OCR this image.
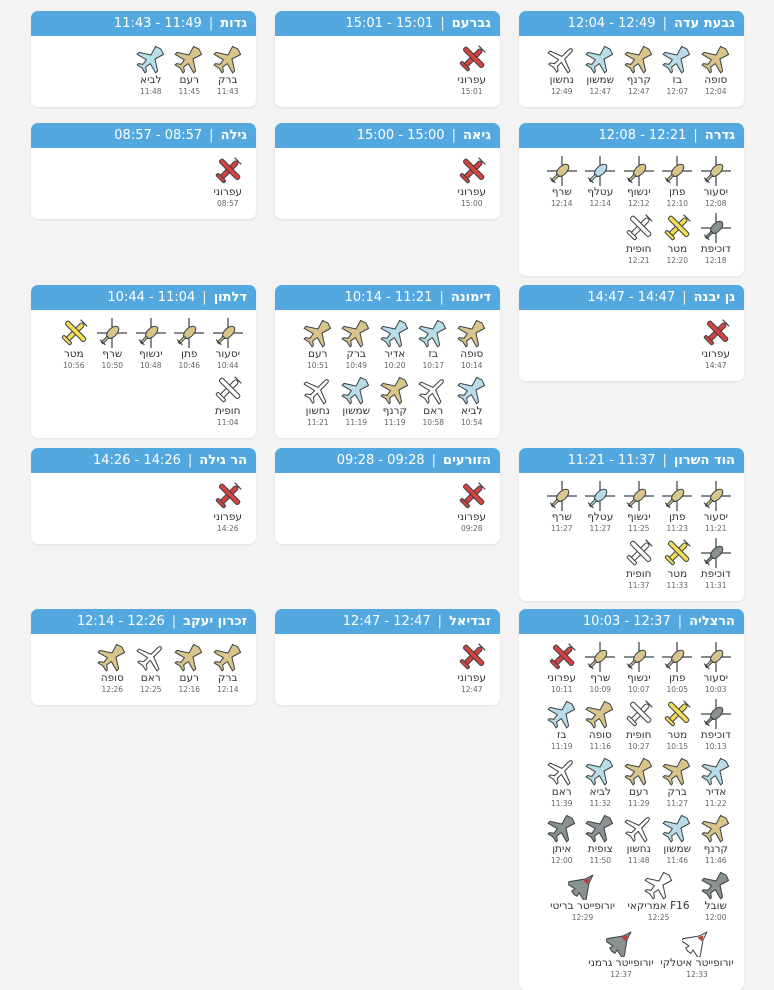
גבעת עדה
|
12:04 - 12:49
סופה
12:04
בז
12:07
קרנף
12:47
שמשון
12:47
נחשון
12:49
גברעם
|
15:01 - 15:01
עפרוני
15:01
גדות
|
11:43 - 11:49
ברק
11:43
רעם
11:45
לביא
11:48
גדרה
|
12:08 - 12:21
יסעור
12:08
פתן
12:10
ינשוף
12:12
עטלף
12:14
שרף
12:14
דוכיפת
12:18
מטר
12:20
חופית
12:21
גיאה
|
15:00 - 15:00
עפרוני
15:00
גילה
|
08:57 - 08:57
עפרוני
08:57
גן יבנה
|
14:47 - 14:47
עפרוני
14:47
דימונה
|
10:14 - 11:21
סופה
10:14
בז
10:17
אדיר
10:20
ברק
10:49
רעם
10:51
לביא
10:54
ראם
10:58
קרנף
11:19
שמשון
11:19
נחשון
11:21
דלתון
|
10:44 - 11:04
יסעור
10:44
פתן
10:46
ינשוף
10:48
שרף
10:50
מטר
10:56
חופית
11:04
הוד השרון
|
11:21 - 11:37
יסעור
11:21
פתן
11:23
ינשוף
11:25
עטלף
11:27
שרף
11:27
דוכיפת
11:31
מטר
11:33
חופית
11:37
הזורעים
|
09:28 - 09:28
עפרוני
09:28
הר גילה
|
14:26 - 14:26
עפרוני
14:26
הרצליה
|
10:03 - 12:37
יסעור
10:03
פתן
10:05
ינשוף
10:07
שרף
10:09
עפרוני
10:11
דוכיפת
10:13
מטר
10:15
חופית
10:27
סופה
11:16
בז
11:19
אדיר
11:22
ברק
11:27
רעם
11:29
לביא
11:32
ראם
11:39
קרנף
11:46
שמשון
11:46
נחשון
11:48
צופית
11:50
איתן
12:00
שובל
12:00
F16 אמריקאי
12:25
יורופייטר בריטי
12:29
יורופייטר איטלקי
12:33
יורופייטר גרמני
12:37
זבדיאל
|
12:47 - 12:47
עפרוני
12:47
זכרון יעקב
|
12:14 - 12:26
ברק
12:14
רעם
12:16
ראם
12:25
סופה
12:26
